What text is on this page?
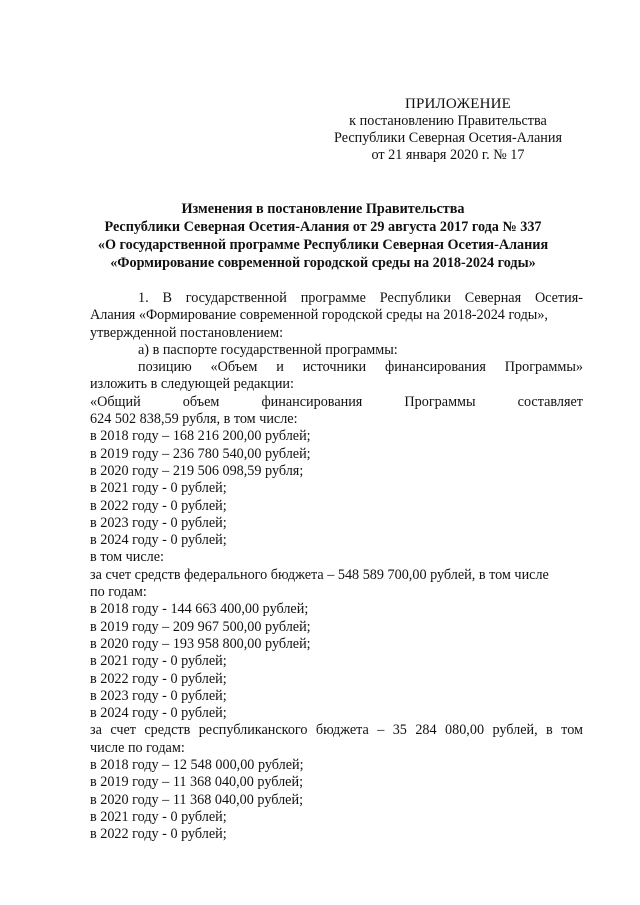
ПРИЛОЖЕНИЕ
к постановлению Правительства
Республики Северная Осетия-Алания
от 21 января 2020 г. № 17
Изменения в постановление Правительства
Республики Северная Осетия-Алания от 29 августа 2017 года № 337
«О государственной программе Республики Северная Осетия-Алания
«Формирование современной городской среды на 2018-2024 годы»

1. В государственной программе Республики Северная Осетия-

Алания «Формирование современной городской среды на 2018-2024 годы»,

утвержденной постановлением:

а) в паспорте государственной программы:

позицию «Объем и источники финансирования Программы»

изложить в следующей редакции:

«Общий объем финансирования Программы составляет

624 502 838,59 рубля, в том числе:

в 2018 году – 168 216 200,00 рублей;

в 2019 году – 236 780 540,00 рублей;

в 2020 году – 219 506 098,59 рубля;

в 2021 году - 0 рублей;

в 2022 году - 0 рублей;

в 2023 году - 0 рублей;

в 2024 году - 0 рублей;

в том числе:

за счет средств федерального бюджета – 548 589 700,00 рублей, в том числе

по годам:

в 2018 году - 144 663 400,00 рублей;

в 2019 году – 209 967 500,00 рублей;

в 2020 году – 193 958 800,00 рублей;

в 2021 году - 0 рублей;

в 2022 году - 0 рублей;

в 2023 году - 0 рублей;

в 2024 году - 0 рублей;

за счет средств республиканского бюджета – 35 284 080,00 рублей, в том

числе по годам:

в 2018 году – 12 548 000,00 рублей;

в 2019 году – 11 368 040,00 рублей;

в 2020 году – 11 368 040,00 рублей;

в 2021 году - 0 рублей;

в 2022 году - 0 рублей;
